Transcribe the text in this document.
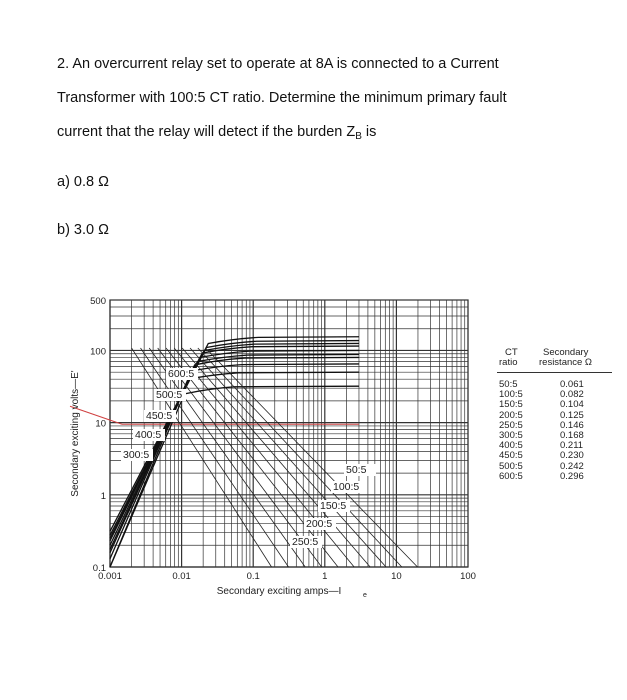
2. An overcurrent relay set to operate at 8A is connected to a Current
Transformer with 100:5 CT ratio. Determine the minimum primary fault
current that the relay will detect if the burden $Z_B$ is
a) 0.8 Ω
b) 3.0 Ω
600:5
500:5
450:5
400:5
300:5
50:5
100:5
150:5
200:5
250:5
500
100
10
1
0.1
0.001	0.01	0.1	1	10	100
Secondary exciting amps—I	e
Secondary exciting volts—E'
CT
ratio
Secondary
resistance Ω
50:5	0.061
100:5	0.082
150:5	0.104
200:5	0.125
250:5	0.146
300:5	0.168
400:5	0.211
450:5	0.230
500:5	0.242
600:5	0.296
